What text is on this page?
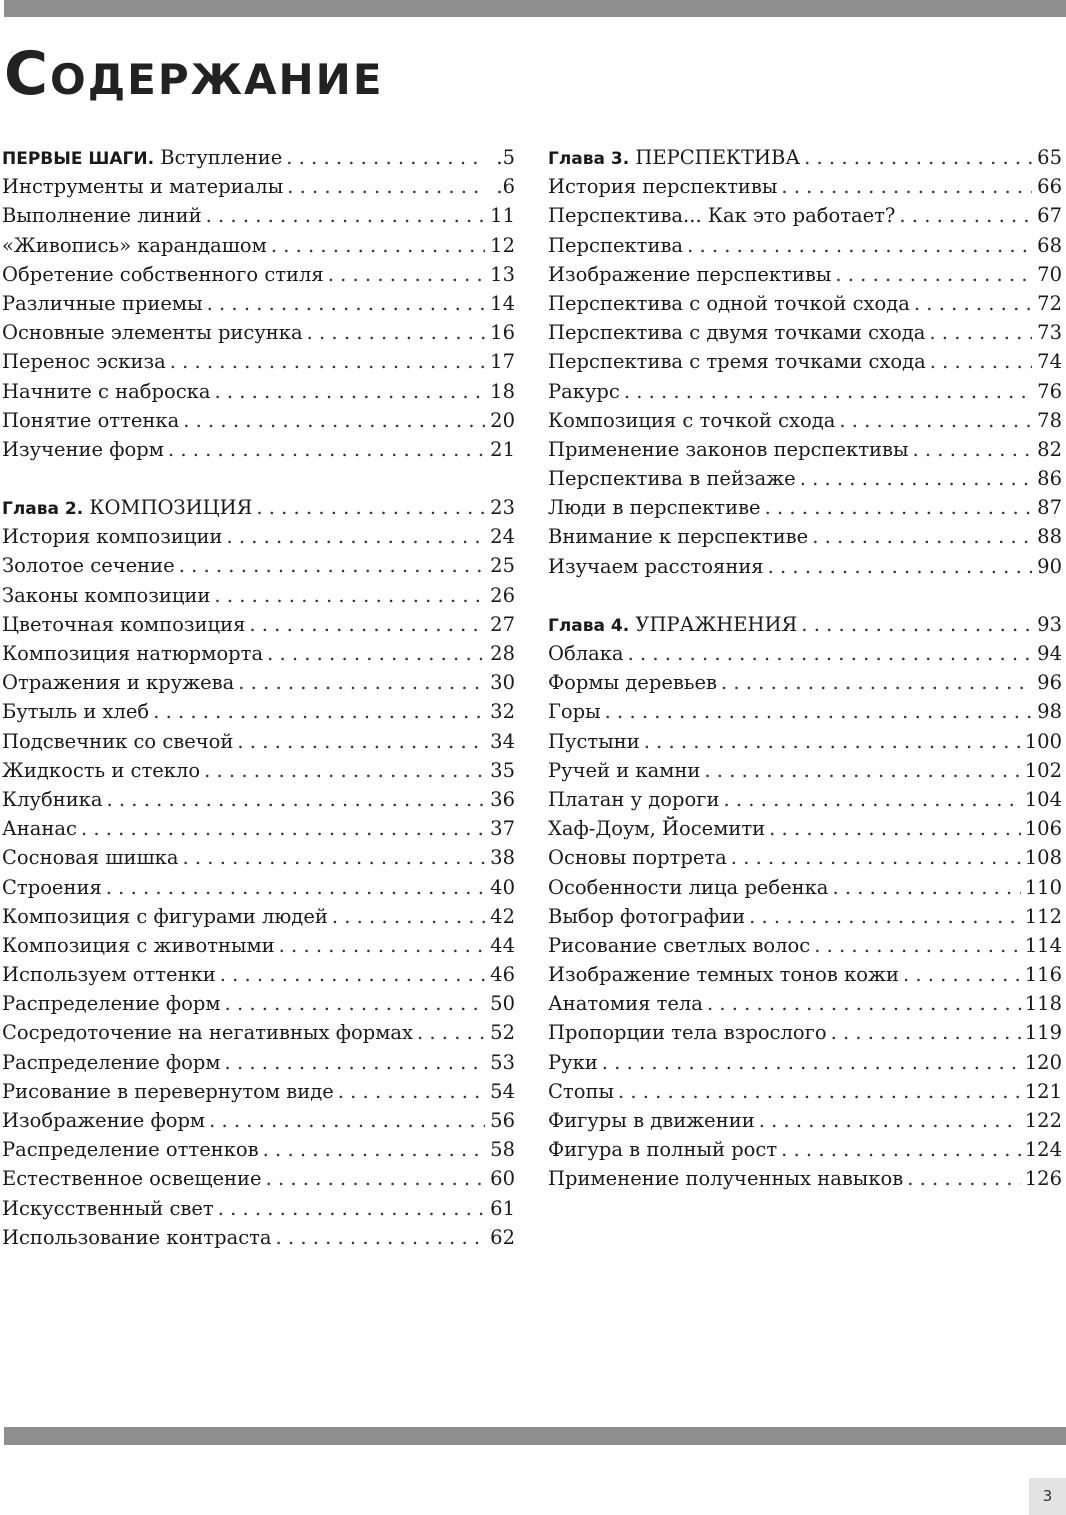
Содержание
ПЕРВЫЕ ШАГИ. Вступление . . .	.5
Инструменты и материалы . . .	.6
Выполнение линий . . .	11
«Живопись» карандашом . . .	12
Обретение собственного стиля . . .	13
Различные приемы . . .	14
Основные элементы рисунка . . .	16
Перенос эскиза . . .	17
Начните с наброска . . .	18
Понятие оттенка . . .	20
Изучение форм . . .	21
Глава 2. КОМПОЗИЦИЯ . . .	23
История композиции . . .	24
Золотое сечение . . .	25
Законы композиции . . .	26
Цветочная композиция . . .	27
Композиция натюрморта . . .	28
Отражения и кружева . . .	30
Бутыль и хлеб . . .	32
Подсвечник со свечой . . .	34
Жидкость и стекло . . .	35
Клубника . . .	36
Ананас . . .	37
Сосновая шишка . . .	38
Строения . . .	40
Композиция с фигурами людей . . .	42
Композиция с животными . . .	44
Используем оттенки . . .	46
Распределение форм . . .	50
Сосредоточение на негативных формах . . .	52
Распределение форм . . .	53
Рисование в перевернутом виде . . .	54
Изображение форм . . .	56
Распределение оттенков . . .	58
Естественное освещение . . .	60
Искусственный свет . . .	61
Использование контраста . . .	62
Глава 3. ПЕРСПЕКТИВА . . .	65
История перспективы . . .	66
Перспектива... Как это работает? . . .	67
Перспектива . . .	68
Изображение перспективы . . .	70
Перспектива с одной точкой схода . . .	72
Перспектива с двумя точками схода . . .	73
Перспектива с тремя точками схода . . .	74
Ракурс . . .	76
Композиция с точкой схода . . .	78
Применение законов перспективы . . .	82
Перспектива в пейзаже . . .	86
Люди в перспективе . . .	87
Внимание к перспективе . . .	88
Изучаем расстояния . . .	90
Глава 4. УПРАЖНЕНИЯ . . .	93
Облака . . .	94
Формы деревьев . . .	96
Горы . . .	98
Пустыни . . .	100
Ручей и камни . . .	102
Платан у дороги . . .	104
Хаф-Доум, Йосемити . . .	106
Основы портрета . . .	108
Особенности лица ребенка . . .	110
Выбор фотографии . . .	112
Рисование светлых волос . . .	114
Изображение темных тонов кожи . . .	116
Анатомия тела . . .	118
Пропорции тела взрослого . . .	119
Руки . . .	120
Стопы . . .	121
Фигуры в движении . . .	122
Фигура в полный рост . . .	124
Применение полученных навыков . . .	126
3
